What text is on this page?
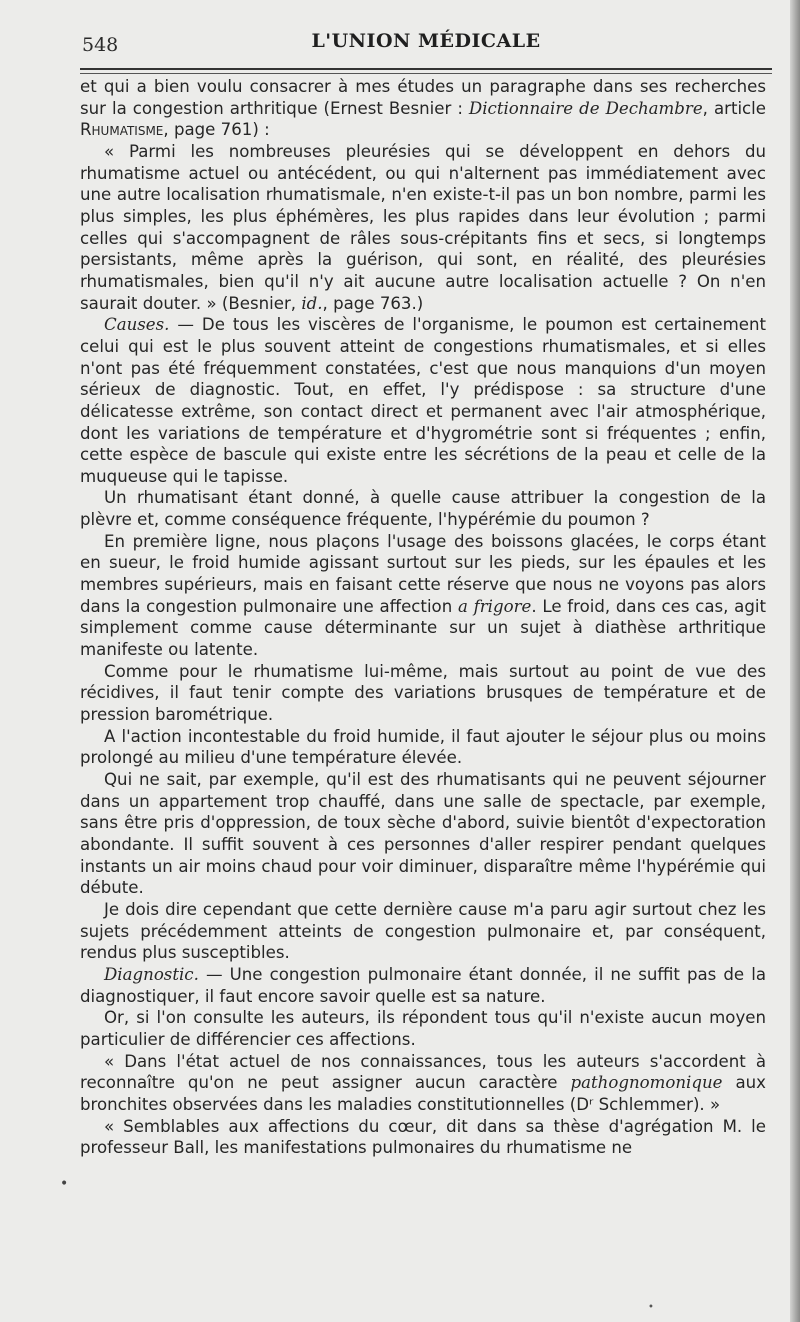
548	L'UNION MÉDICALE

et qui a bien voulu consacrer à mes études un paragraphe dans ses recherches sur la congestion arthritique (Ernest Besnier : Dictionnaire de Dechambre, article Rhumatisme, page 761) :

« Parmi les nombreuses pleurésies qui se développent en dehors du rhumatisme actuel ou antécédent, ou qui n'alternent pas immédiatement avec une autre localisation rhumatismale, n'en existe-t-il pas un bon nombre, parmi les plus simples, les plus éphémères, les plus rapides dans leur évolution ; parmi celles qui s'accompagnent de râles sous-crépitants fins et secs, si longtemps persistants, même après la guérison, qui sont, en réalité, des pleurésies rhumatismales, bien qu'il n'y ait aucune autre localisation actuelle ? On n'en saurait douter. » (Besnier, id., page 763.)

Causes. — De tous les viscères de l'organisme, le poumon est certainement celui qui est le plus souvent atteint de congestions rhumatismales, et si elles n'ont pas été fréquemment constatées, c'est que nous manquions d'un moyen sérieux de diagnostic. Tout, en effet, l'y prédispose : sa structure d'une délicatesse extrême, son contact direct et permanent avec l'air atmosphérique, dont les variations de température et d'hygrométrie sont si fréquentes ; enfin, cette espèce de bascule qui existe entre les sécrétions de la peau et celle de la muqueuse qui le tapisse.

Un rhumatisant étant donné, à quelle cause attribuer la congestion de la plèvre et, comme conséquence fréquente, l'hypérémie du poumon ?

En première ligne, nous plaçons l'usage des boissons glacées, le corps étant en sueur, le froid humide agissant surtout sur les pieds, sur les épaules et les membres supérieurs, mais en faisant cette réserve que nous ne voyons pas alors dans la congestion pulmonaire une affection a frigore. Le froid, dans ces cas, agit simplement comme cause déterminante sur un sujet à diathèse arthritique manifeste ou latente.

Comme pour le rhumatisme lui-même, mais surtout au point de vue des récidives, il faut tenir compte des variations brusques de température et de pression barométrique.

A l'action incontestable du froid humide, il faut ajouter le séjour plus ou moins prolongé au milieu d'une température élevée.

Qui ne sait, par exemple, qu'il est des rhumatisants qui ne peuvent séjourner dans un appartement trop chauffé, dans une salle de spectacle, par exemple, sans être pris d'oppression, de toux sèche d'abord, suivie bientôt d'expectoration abondante. Il suffit souvent à ces personnes d'aller respirer pendant quelques instants un air moins chaud pour voir diminuer, disparaître même l'hypérémie qui débute.

Je dois dire cependant que cette dernière cause m'a paru agir surtout chez les sujets précédemment atteints de congestion pulmonaire et, par conséquent, rendus plus susceptibles.

Diagnostic. — Une congestion pulmonaire étant donnée, il ne suffit pas de la diagnostiquer, il faut encore savoir quelle est sa nature.

Or, si l'on consulte les auteurs, ils répondent tous qu'il n'existe aucun moyen particulier de différencier ces affections.

« Dans l'état actuel de nos connaissances, tous les auteurs s'accordent à reconnaître qu'on ne peut assigner aucun caractère pathognomonique aux bronchites observées dans les maladies constitutionnelles (Dʳ Schlemmer). »

« Semblables aux affections du cœur, dit dans sa thèse d'agrégation M. le professeur Ball, les manifestations pulmonaires du rhumatisme ne

•
•
